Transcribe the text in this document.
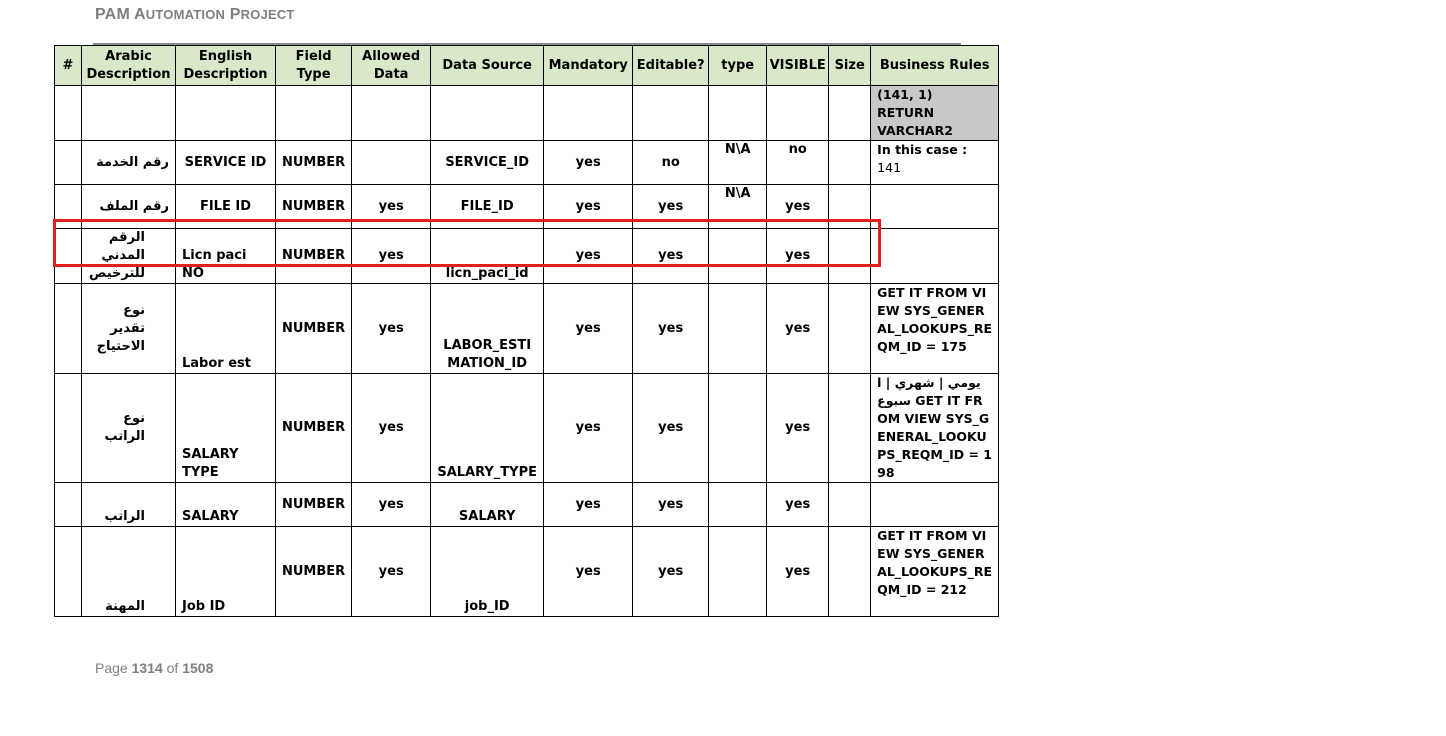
PAM AUTOMATION PROJECT
#	Arabic Description	English Description	Field Type	Allowed Data	Data Source	Mandatory	Editable?	type	VISIBLE	Size	Business Rules

											(141, 1) RETURN VARCHAR2

	رقم الخدمة	SERVICE ID	NUMBER		SERVICE_ID	yes	no	N\A	no		In this case : 141
	رقم الملف	FILE ID	NUMBER	yes	FILE_ID	yes	yes	N\A	yes		
	الرقم المدني للترخيص	Licn paci NO	NUMBER	yes	licn_paci_id	yes	yes		yes		
	نوع تقدير الاحتياج	Labor est	NUMBER	yes	LABOR_ESTIMATION_ID	yes	yes		yes		GET IT FROM VIEW SYS_GENERAL_LOOKUPS_REQM_ID = 175
	نوع الراتب	SALARY TYPE	NUMBER	yes	SALARY_TYPE	yes	yes		yes		يومي | شهري | اسبوع GET IT FROM VIEW SYS_GENERAL_LOOKUPS_REQM_ID = 198
	الراتب	SALARY	NUMBER	yes	SALARY	yes	yes		yes		
	المهنة	Job ID	NUMBER	yes	job_ID	yes	yes		yes		GET IT FROM VIEW SYS_GENERAL_LOOKUPS_REQM_ID = 212
Page 1314 of 1508
